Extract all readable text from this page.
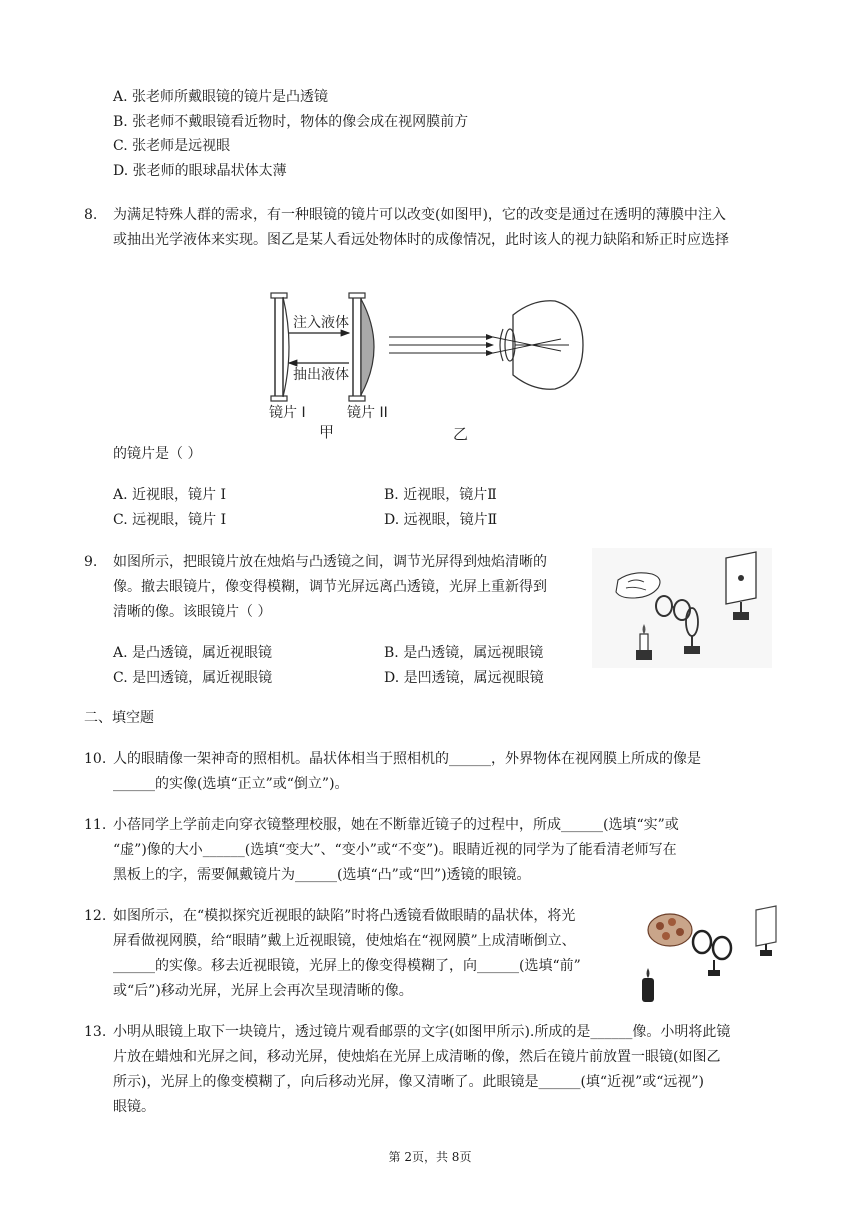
A. 张老师所戴眼镜的镜片是凸透镜
B. 张老师不戴眼镜看近物时，物体的像会成在视网膜前方
C. 张老师是远视眼
D. 张老师的眼球晶状体太薄
8. 为满足特殊人群的需求，有一种眼镜的镜片可以改变(如图甲)，它的改变是通过在透明的薄膜中注入
或抽出光学液体来实现。图乙是某人看远处物体时的成像情况，此时该人的视力缺陷和矫正时应选择
注入液体
抽出液体
镜片 I	镜片 II
甲	乙
的镜片是（ ）
A. 近视眼，镜片 I	B. 近视眼，镜片Ⅱ
C. 远视眼，镜片 I	D. 远视眼，镜片Ⅱ
9. 如图所示，把眼镜片放在烛焰与凸透镜之间，调节光屏得到烛焰清晰的
像。撤去眼镜片，像变得模糊，调节光屏远离凸透镜，光屏上重新得到
清晰的像。该眼镜片（ ）
A. 是凸透镜，属近视眼镜	B. 是凸透镜，属远视眼镜
C. 是凹透镜，属近视眼镜	D. 是凹透镜，属远视眼镜
二、填空题
10. 人的眼睛像一架神奇的照相机。晶状体相当于照相机的______，外界物体在视网膜上所成的像是
______的实像(选填“正立”或“倒立”)。
11. 小蓓同学上学前走向穿衣镜整理校服，她在不断靠近镜子的过程中，所成______(选填“实”或
“虚”)像的大小______(选填“变大”、“变小”或“不变”)。眼睛近视的同学为了能看清老师写在
黑板上的字，需要佩戴镜片为______(选填“凸”或“凹”)透镜的眼镜。
12. 如图所示，在“模拟探究近视眼的缺陷”时将凸透镜看做眼睛的晶状体，将光
屏看做视网膜，给“眼睛”戴上近视眼镜，使烛焰在“视网膜”上成清晰倒立、
______的实像。移去近视眼镜，光屏上的像变得模糊了，向______(选填“前”
或“后”)移动光屏，光屏上会再次呈现清晰的像。
13. 小明从眼镜上取下一块镜片，透过镜片观看邮票的文字(如图甲所示).所成的是______像。小明将此镜
片放在蜡烛和光屏之间，移动光屏，使烛焰在光屏上成清晰的像，然后在镜片前放置一眼镜(如图乙
所示)，光屏上的像变模糊了，向后移动光屏，像又清晰了。此眼镜是______(填“近视”或“远视”)
眼镜。
第 2页，共 8页
